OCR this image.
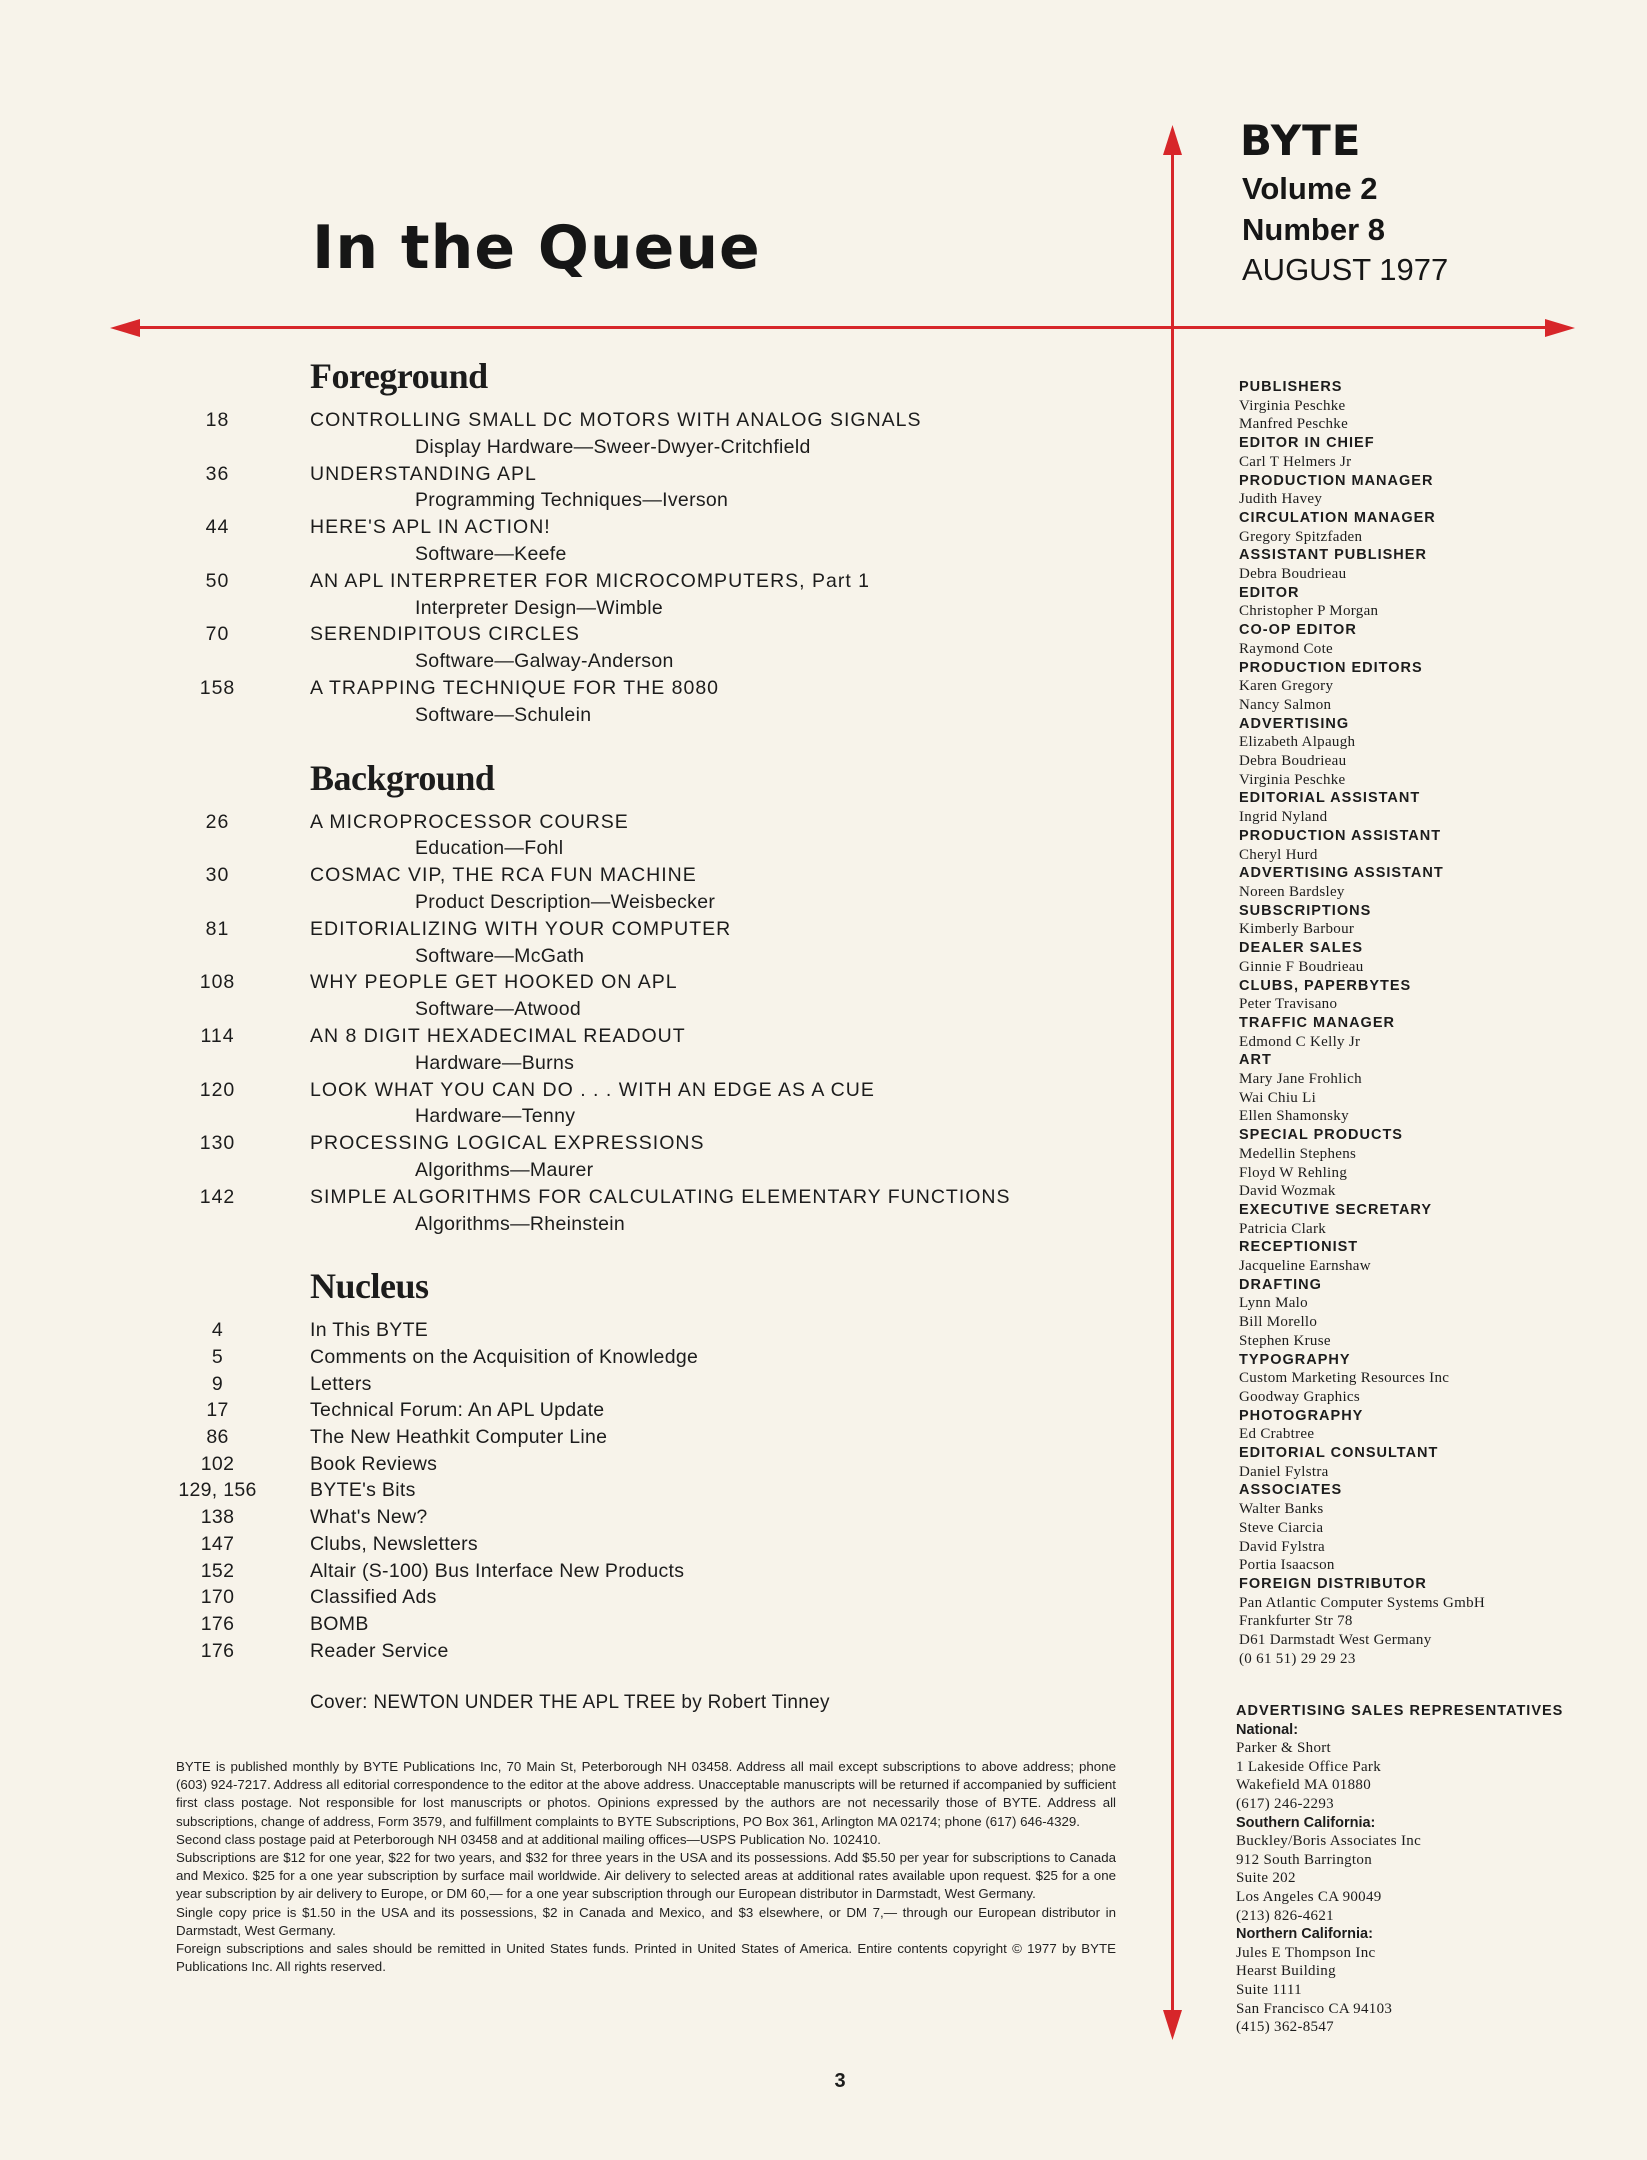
In the Queue
BYTE
Volume 2
Number 8
AUGUST 1977
Foreground
18	CONTROLLING SMALL DC MOTORS WITH ANALOG SIGNALS
Display Hardware—Sweer-Dwyer-Critchfield
36	UNDERSTANDING APL
Programming Techniques—Iverson
44	HERE'S APL IN ACTION!
Software—Keefe
50	AN APL INTERPRETER FOR MICROCOMPUTERS, Part 1
Interpreter Design—Wimble
70	SERENDIPITOUS CIRCLES
Software—Galway-Anderson
158	A TRAPPING TECHNIQUE FOR THE 8080
Software—Schulein
Background
26	A MICROPROCESSOR COURSE
Education—Fohl
30	COSMAC VIP, THE RCA FUN MACHINE
Product Description—Weisbecker
81	EDITORIALIZING WITH YOUR COMPUTER
Software—McGath
108	WHY PEOPLE GET HOOKED ON APL
Software—Atwood
114	AN 8 DIGIT HEXADECIMAL READOUT
Hardware—Burns
120	LOOK WHAT YOU CAN DO . . . WITH AN EDGE AS A CUE
Hardware—Tenny
130	PROCESSING LOGICAL EXPRESSIONS
Algorithms—Maurer
142	SIMPLE ALGORITHMS FOR CALCULATING ELEMENTARY FUNCTIONS
Algorithms—Rheinstein
Nucleus
4	In This BYTE
5	Comments on the Acquisition of Knowledge
9	Letters
17	Technical Forum: An APL Update
86	The New Heathkit Computer Line
102	Book Reviews
129, 156	BYTE's Bits
138	What's New?
147	Clubs, Newsletters
152	Altair (S-100) Bus Interface New Products
170	Classified Ads
176	BOMB
176	Reader Service
Cover: NEWTON UNDER THE APL TREE by Robert Tinney

BYTE is published monthly by BYTE Publications Inc, 70 Main St, Peterborough NH 03458. Address all mail except subscriptions to above address; phone (603) 924-7217. Address all editorial correspondence to the editor at the above address. Unacceptable manuscripts will be returned if accompanied by sufficient first class postage. Not responsible for lost manuscripts or photos. Opinions expressed by the authors are not necessarily those of BYTE. Address all subscriptions, change of address, Form 3579, and fulfillment complaints to BYTE Subscriptions, PO Box 361, Arlington MA 02174; phone (617) 646-4329.

Second class postage paid at Peterborough NH 03458 and at additional mailing offices—USPS Publication No. 102410.

Subscriptions are $12 for one year, $22 for two years, and $32 for three years in the USA and its possessions. Add $5.50 per year for subscriptions to Canada and Mexico. $25 for a one year subscription by surface mail worldwide. Air delivery to selected areas at additional rates available upon request. $25 for a one year subscription by air delivery to Europe, or DM 60,— for a one year subscription through our European distributor in Darmstadt, West Germany.

Single copy price is $1.50 in the USA and its possessions, $2 in Canada and Mexico, and $3 elsewhere, or DM 7,— through our European distributor in Darmstadt, West Germany.

Foreign subscriptions and sales should be remitted in United States funds. Printed in United States of America. Entire contents copyright © 1977 by BYTE Publications Inc. All rights reserved.

3
PUBLISHERS
Virginia Peschke
Manfred Peschke
EDITOR IN CHIEF
Carl T Helmers Jr
PRODUCTION MANAGER
Judith Havey
CIRCULATION MANAGER
Gregory Spitzfaden
ASSISTANT PUBLISHER
Debra Boudrieau
EDITOR
Christopher P Morgan
CO-OP EDITOR
Raymond Cote
PRODUCTION EDITORS
Karen Gregory
Nancy Salmon
ADVERTISING
Elizabeth Alpaugh
Debra Boudrieau
Virginia Peschke
EDITORIAL ASSISTANT
Ingrid Nyland
PRODUCTION ASSISTANT
Cheryl Hurd
ADVERTISING ASSISTANT
Noreen Bardsley
SUBSCRIPTIONS
Kimberly Barbour
DEALER SALES
Ginnie F Boudrieau
CLUBS, PAPERBYTES
Peter Travisano
TRAFFIC MANAGER
Edmond C Kelly Jr
ART
Mary Jane Frohlich
Wai Chiu Li
Ellen Shamonsky
SPECIAL PRODUCTS
Medellin Stephens
Floyd W Rehling
David Wozmak
EXECUTIVE SECRETARY
Patricia Clark
RECEPTIONIST
Jacqueline Earnshaw
DRAFTING
Lynn Malo
Bill Morello
Stephen Kruse
TYPOGRAPHY
Custom Marketing Resources Inc
Goodway Graphics
PHOTOGRAPHY
Ed Crabtree
EDITORIAL CONSULTANT
Daniel Fylstra
ASSOCIATES
Walter Banks
Steve Ciarcia
David Fylstra
Portia Isaacson
FOREIGN DISTRIBUTOR
Pan Atlantic Computer Systems GmbH
Frankfurter Str 78
D61 Darmstadt West Germany
(0 61 51) 29 29 23
ADVERTISING SALES REPRESENTATIVES
National:
Parker & Short
1 Lakeside Office Park
Wakefield MA 01880
(617) 246-2293
Southern California:
Buckley/Boris Associates Inc
912 South Barrington
Suite 202
Los Angeles CA 90049
(213) 826-4621
Northern California:
Jules E Thompson Inc
Hearst Building
Suite 1111
San Francisco CA 94103
(415) 362-8547
